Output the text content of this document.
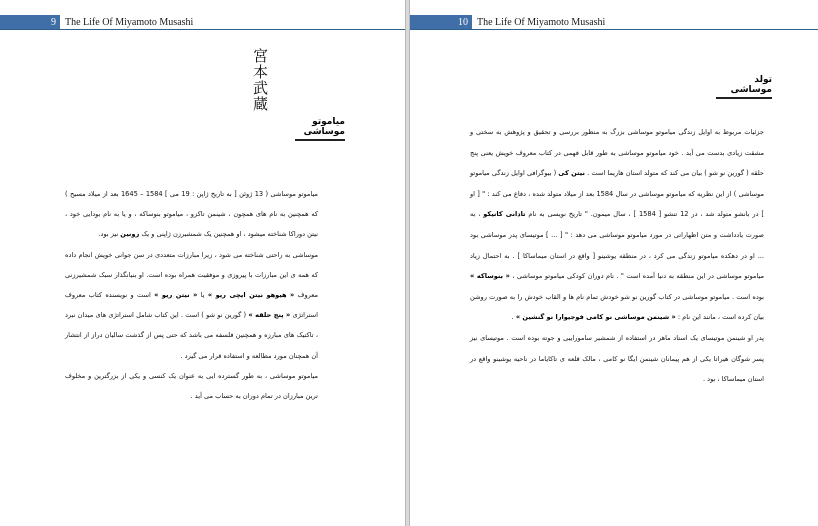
9 The Life Of Miyamoto Musashi
宮本武蔵
میاموتو موساشی

میاموتو موساشی ( 13 ژوئن [ به تاریخ ژاپن : 19 می ] 1584 – 1645 بعد از میلاد مسیح ) که همچنین به نام های همچون ، شینمن تاکزو ، میاموتو بنوساکه ، و یا به نام بودایی خود ، نیتن دوراکا شناخته میشود ، او همچنین یک شمشیرزن ژاپنی و یک رونین نیز بود.

موساشی به راحتی شناخته می شود ، زیرا مبارزات متعددی در سن جوانی خویش انجام داده که همه ی این مبارزات با پیروزی و موفقیت همراه بوده است. او بنیانگذار سبک شمشیرزنی معروف « هیوهو نیتن ایچی ریو » یا « نیتن ریو » است و نویسنده کتاب معروف استراتژی « پنج حلقه » ( گورین نو شو ) است . این کتاب شامل استراتژی های میدان نبرد ، تاکتیک های مبارزه و همچنین فلسفه می باشد که حتی پس از گذشت سالیان دراز از انتشار آن همچنان مورد مطالعه و استفاده قرار می گیرد .

میاموتو موساشی ، به طور گسترده ایی به عنوان یک کنسی و یکی از بزرگترین و مخلوف ترین مبارزان در تمام دوران به حساب می آید .

10 The Life Of Miyamoto Musashi
تولد موساشی

جزئیات مربوط به اوایل زندگی میاموتو موساشی بزرگ به منظور بررسی و تحقیق و پژوهش به سختی و مشقت زیادی بدست می آید . خود میاموتو موساشی به طور قابل فهمی در کتاب معروف خویش یعنی پنج حلقه ( گورین نو شو ) بیان می کند که متولد استان هاریما است . نیتن کی ( بیوگرافی اوایل زندگی میاموتو موساشی ) از این نظریه که میاموتو موساشی در سال 1584 بعد از میلاد متولد شده ، دفاع می کند : " [ او ] در بانشو متولد شد ، در 12 تنشو [ 1584 ] ، سال میمون. " تاریخ نویسی به نام تادانی کانیکو ، به صورت یادداشت و متن اظهاراتی در مورد میاموتو موساشی می دهد : " [ ... ] موتیسای پدر موساشی بود ... او در دهکده میاموتو زندگی می کرد ، در منطقه یوشینو [ واقع در استان میماساکا ] . به احتمال زیاد میاموتو موساشی در این منطقه به دنیا آمده است " . نام دوران کودکی میاموتو موساشی ، « بنوساکه » بوده است . میاموتو موساشی در کتاب گورین نو شو خودش تمام نام ها و القاب خودش را به صورت روشن بیان کرده است ، مانند این نام : « شینمن موساشی نو کامی فوجیوارا نو گنشین » .

پدر او شینمن موتیسای یک استاد ماهر در استفاده از شمشیر ساموراییی و جوته بوده است . موتیسای نیز پسر شوگان هیراتا یکی از هم پیمانان شینمن ایگا نو کامی ، مالک قلعه ی تاکایاما در ناحیه یوشینو واقع در استان میماساکا ، بود .
